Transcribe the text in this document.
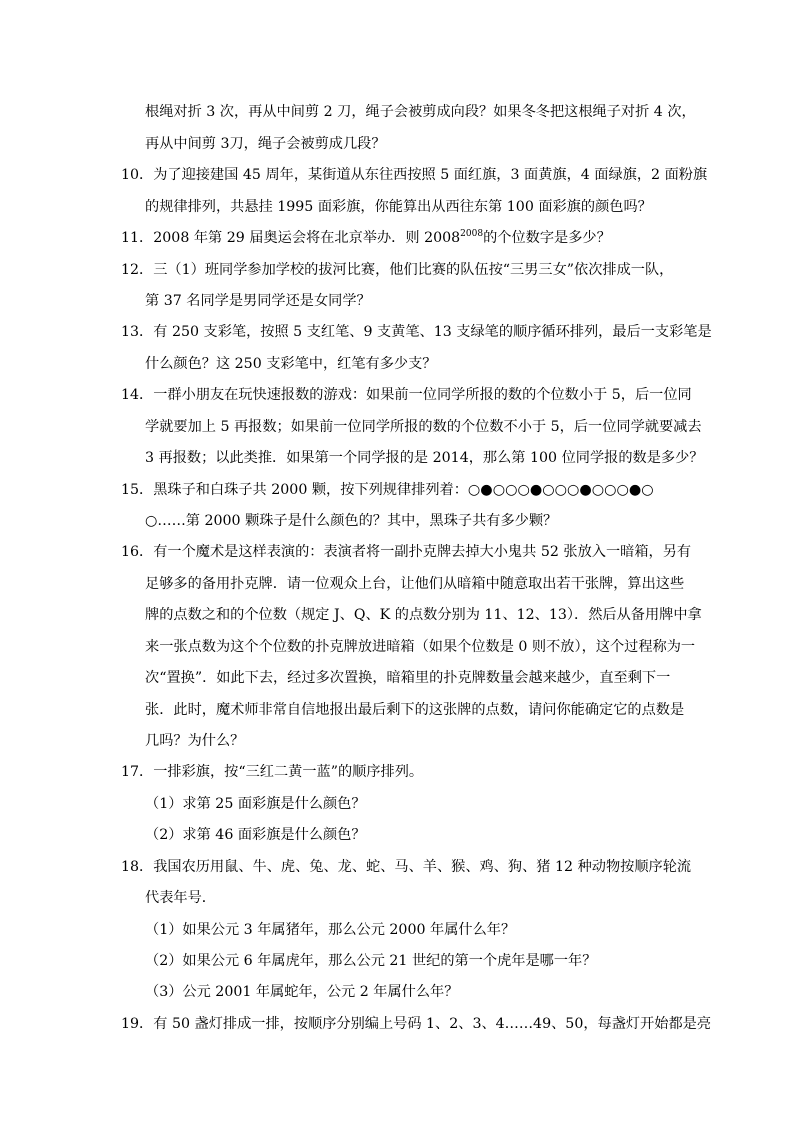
根绳对折 3 次，再从中间剪 2 刀，绳子会被剪成向段？如果冬冬把这根绳子对折 4 次，
再从中间剪 3刀，绳子会被剪成几段？
10．为了迎接建国 45 周年，某街道从东往西按照 5 面红旗，3 面黄旗，4 面绿旗，2 面粉旗
的规律排列，共悬挂 1995 面彩旗，你能算出从西往东第 100 面彩旗的颜色吗？
11．2008 年第 29 届奥运会将在北京举办．则 $2008^{2008}$的个位数字是多少？
12．三（1）班同学参加学校的拔河比赛，他们比赛的队伍按“三男三女”依次排成一队，
第 37 名同学是男同学还是女同学？
13．有 250 支彩笔，按照 5 支红笔、9 支黄笔、13 支绿笔的顺序循环排列，最后一支彩笔是
什么颜色？这 250 支彩笔中，红笔有多少支？
14．一群小朋友在玩快速报数的游戏：如果前一位同学所报的数的个位数小于 5，后一位同
学就要加上 5 再报数；如果前一位同学所报的数的个位数不小于 5，后一位同学就要减去
3 再报数；以此类推．如果第一个同学报的是 2014，那么第 100 位同学报的数是多少？
15．黑珠子和白珠子共 2000 颗，按下列规律排列着：○●○○○●○○○●○○○●○
○……第 2000 颗珠子是什么颜色的？其中，黑珠子共有多少颗？
16．有一个魔术是这样表演的：表演者将一副扑克牌去掉大小鬼共 52 张放入一暗箱，另有
足够多的备用扑克牌．请一位观众上台，让他们从暗箱中随意取出若干张牌，算出这些
牌的点数之和的个位数（规定 J、Q、K 的点数分别为 11、12、13）．然后从备用牌中拿
来一张点数为这个个位数的扑克牌放进暗箱（如果个位数是 0 则不放），这个过程称为一
次“置换”．如此下去，经过多次置换，暗箱里的扑克牌数量会越来越少，直至剩下一
张．此时，魔术师非常自信地报出最后剩下的这张牌的点数，请问你能确定它的点数是
几吗？为什么？
17．一排彩旗，按“三红二黄一蓝”的顺序排列。
（1）求第 25 面彩旗是什么颜色？
（2）求第 46 面彩旗是什么颜色？
18．我国农历用鼠、牛、虎、兔、龙、蛇、马、羊、猴、鸡、狗、猪 12 种动物按顺序轮流
代表年号．
（1）如果公元 3 年属猪年，那么公元 2000 年属什么年？
（2）如果公元 6 年属虎年，那么公元 21 世纪的第一个虎年是哪一年？
（3）公元 2001 年属蛇年，公元 2 年属什么年？
19．有 50 盏灯排成一排，按顺序分别编上号码 1、2、3、4……49、50，每盏灯开始都是亮
